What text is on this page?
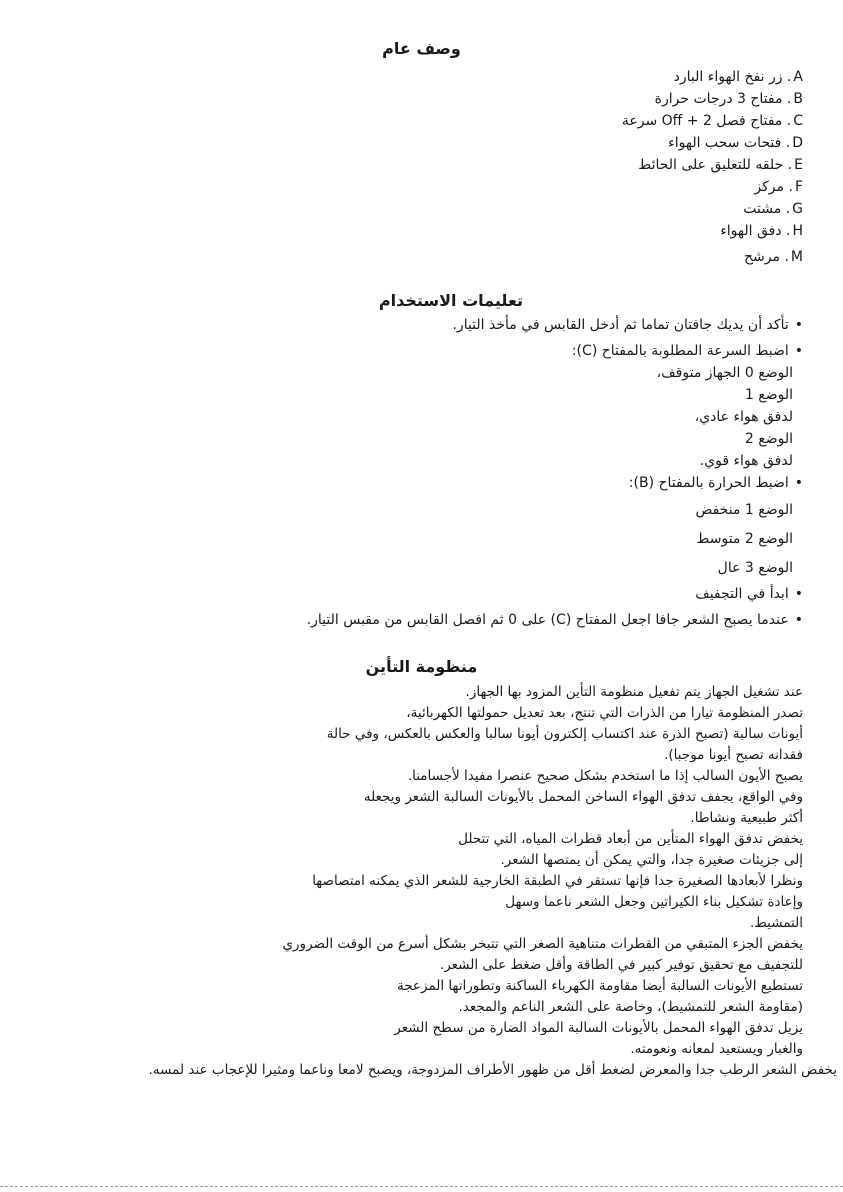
وصف عام
A. زر نفخ الهواء البارد
B. مفتاح 3 درجات حرارة
C. مفتاح فصل Off + 2 سرعة
D. فتحات سحب الهواء
E. حلقه للتعليق على الحائط
F. مركز
G. مشتت
H. دفق الهواء
M. مرشح
تعليمات الاستخدام
•تأكد أن يديك جافتان تماما ثم أدخل القابس في مأخذ التيار.
•اضبط السرعة المطلوبة بالمفتاح (C):
الوضع 0 الجهاز متوقف،
الوضع 1
لدفق هواء عادي،
الوضع 2
لدفق هواء قوي.
•اضبط الحرارة بالمفتاح (B):
الوضع 1 منخفض
الوضع 2 متوسط
الوضع 3 عال
•ابدأ في التجفيف
•عندما يصبح الشعر جافا اجعل المفتاح (C) على 0 ثم افصل القابس من مقبس التيار.
منظومة التأين
عند تشغيل الجهاز يتم تفعيل منظومة التأين المزود بها الجهاز.
تصدر المنظومة تيارا من الذرات التي تنتج، بعد تعديل حمولتها الكهربائية،
أيونات سالبة (تصبح الذرة عند اكتساب إلكترون أيونا سالبا والعكس بالعكس، وفي حالة
فقدانه تصبح أيونا موجبا).
يصبح الأيون السالب إذا ما استخدم بشكل صحيح عنصرا مفيدا لأجسامنا.
وفي الواقع، يجفف تدفق الهواء الساخن المحمل بالأيونات السالبة الشعر ويجعله
أكثر طبيعية ونشاطا.
يخفض تدفق الهواء المتأين من أبعاد قطرات المياه، التي تتحلل
إلى جزيئات صغيرة جدا، والتي يمكن أن يمتصها الشعر.
ونظرا لأبعادها الصغيرة جدا فإنها تستقر في الطبقة الخارجية للشعر الذي يمكنه امتصاصها
وإعادة تشكيل بناء الكيراتين وجعل الشعر ناعما وسهل
التمشيط.
يخفض الجزء المتبقي من القطرات متناهية الصغر التي تتبخر بشكل أسرع من الوقت الضروري
للتجفيف مع تحقيق توفير كبير في الطاقة وأقل ضغط على الشعر.
تستطيع الأيونات السالبة أيضا مقاومة الكهرباء الساكنة وتطوراتها المزعجة
(مقاومة الشعر للتمشيط)، وخاصة على الشعر الناعم والمجعد.
يزيل تدفق الهواء المحمل بالأيونات السالبة المواد الضارة من سطح الشعر
والغبار ويستعيد لمعانه ونعومته.
يخفض الشعر الرطب جدا والمعرض لضغط أقل من ظهور الأطراف المزدوجة، ويصبح لامعا وناعما ومثيرا للإعجاب عند لمسه.
